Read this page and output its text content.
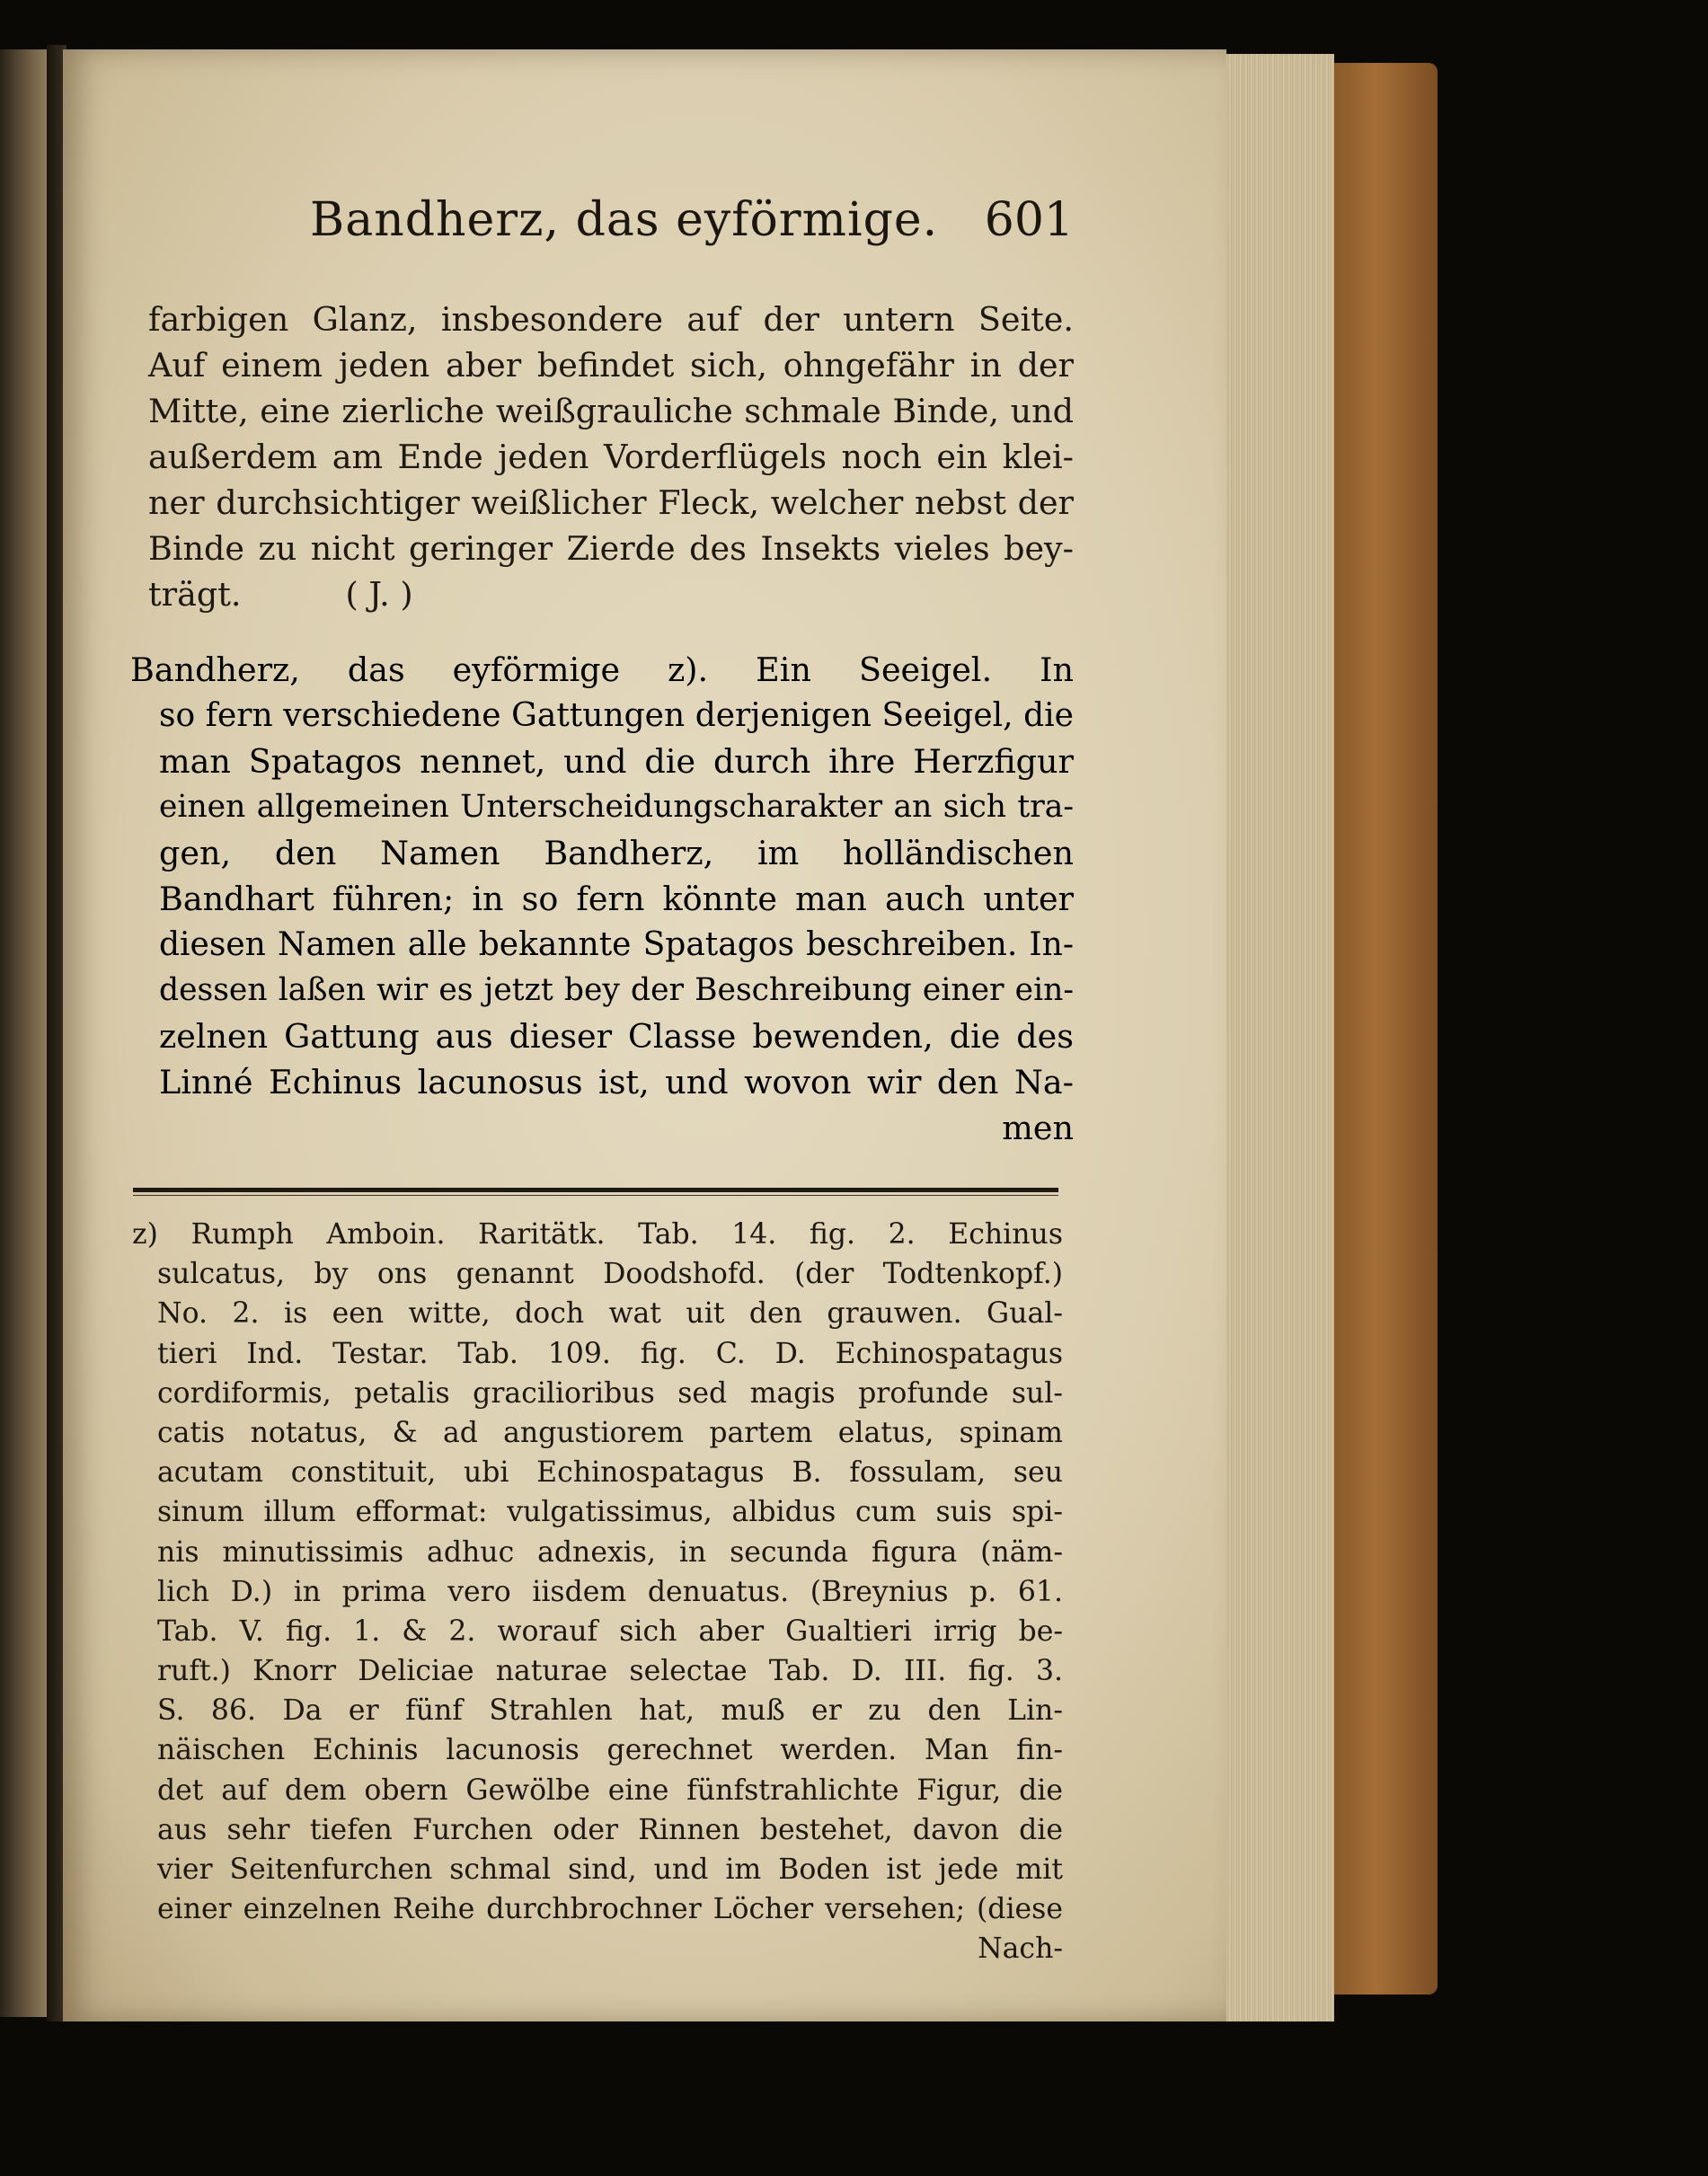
Bandherz, das eyförmige. 601
farbigen Glanz, insbesondere auf der untern Seite.
Auf einem jeden aber befindet sich, ohngefähr in der
Mitte, eine zierliche weißgrauliche schmale Binde, und
außerdem am Ende jeden Vorderflügels noch ein klei-
ner durchsichtiger weißlicher Fleck, welcher nebst der
Binde zu nicht geringer Zierde des Insekts vieles bey-
trägt.          ( J. )
Bandherz, das eyförmige z). Ein Seeigel. In
so fern verschiedene Gattungen derjenigen Seeigel, die
man Spatagos nennet, und die durch ihre Herzfigur
einen allgemeinen Unterscheidungscharakter an sich tra-
gen, den Namen Bandherz, im holländischen
Bandhart führen; in so fern könnte man auch unter
diesen Namen alle bekannte Spatagos beschreiben. In-
dessen laßen wir es jetzt bey der Beschreibung einer ein-
zelnen Gattung aus dieser Classe bewenden, die des
Linné Echinus lacunosus ist, und wovon wir den Na-
men
z) Rumph Amboin. Raritätk. Tab. 14. fig. 2. Echinus
sulcatus, by ons genannt Doodshofd. (der Todtenkopf.)
No. 2. is een witte, doch wat uit den grauwen. Gual-
tieri Ind. Testar. Tab. 109. fig. C. D. Echinospatagus
cordiformis, petalis gracilioribus sed magis profunde sul-
catis notatus, & ad angustiorem partem elatus, spinam
acutam constituit, ubi Echinospatagus B. fossulam, seu
sinum illum efformat: vulgatissimus, albidus cum suis spi-
nis minutissimis adhuc adnexis, in secunda figura (näm-
lich D.) in prima vero iisdem denuatus. (Breynius p. 61.
Tab. V. fig. 1. & 2. worauf sich aber Gualtieri irrig be-
ruft.) Knorr Deliciae naturae selectae Tab. D. III. fig. 3.
S. 86. Da er fünf Strahlen hat, muß er zu den Lin-
näischen Echinis lacunosis gerechnet werden. Man fin-
det auf dem obern Gewölbe eine fünfstrahlichte Figur, die
aus sehr tiefen Furchen oder Rinnen bestehet, davon die
vier Seitenfurchen schmal sind, und im Boden ist jede mit
einer einzelnen Reihe durchbrochner Löcher versehen; (diese
Nach-
